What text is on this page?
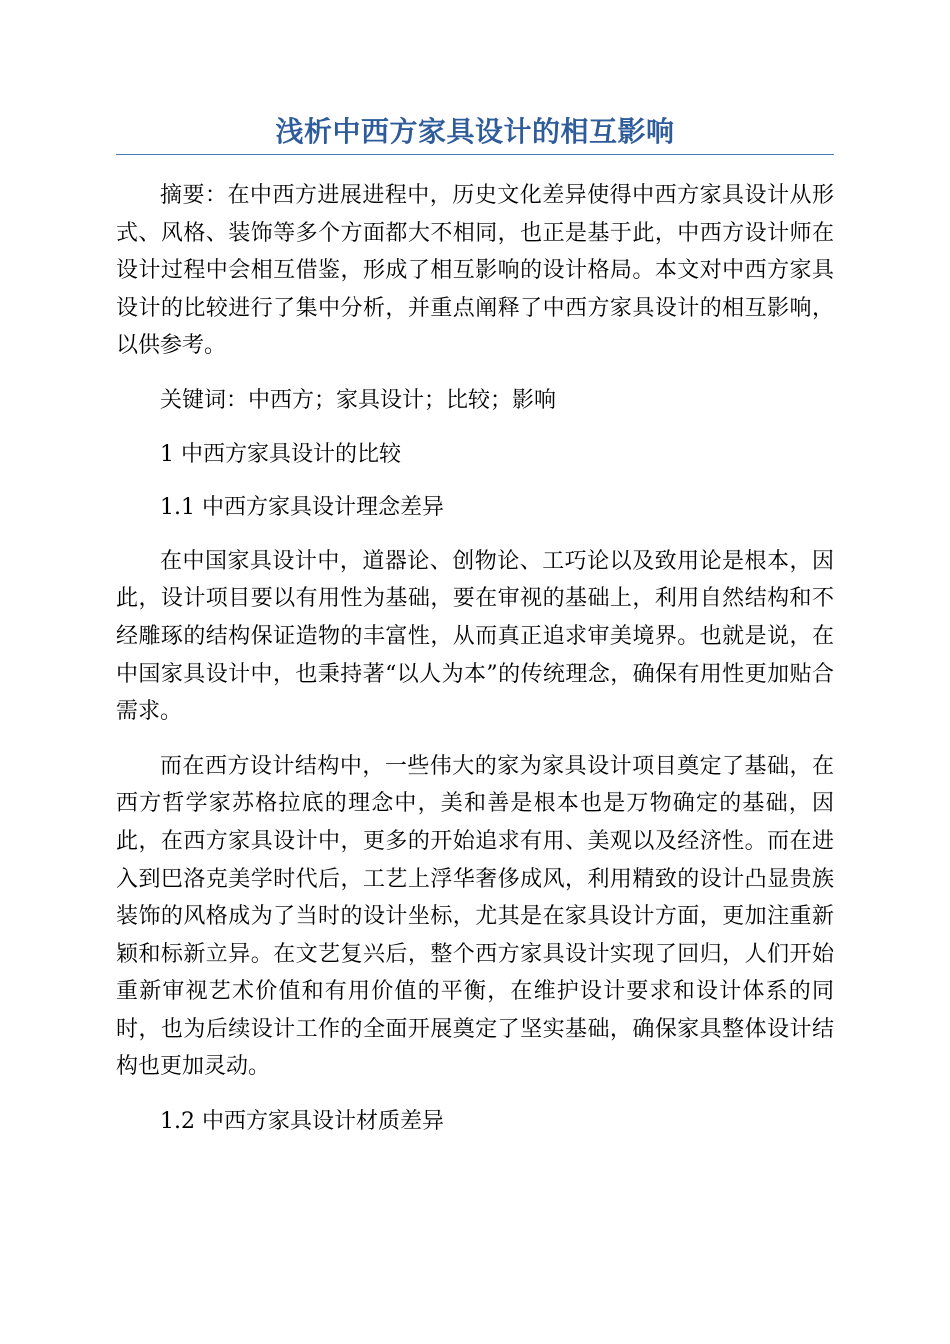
浅析中西方家具设计的相互影响

摘要：在中西方进展进程中，历史文化差异使得中西方家具设计从形式、风格、装饰等多个方面都大不相同，也正是基于此，中西方设计师在设计过程中会相互借鉴，形成了相互影响的设计格局。本文对中西方家具设计的比较进行了集中分析，并重点阐释了中西方家具设计的相互影响，以供参考。

关键词：中西方；家具设计；比较；影响

1 中西方家具设计的比较

1.1 中西方家具设计理念差异

在中国家具设计中，道器论、创物论、工巧论以及致用论是根本，因此，设计项目要以有用性为基础，要在审视的基础上，利用自然结构和不经雕琢的结构保证造物的丰富性，从而真正追求审美境界。也就是说，在中国家具设计中，也秉持著“以人为本”的传统理念，确保有用性更加贴合需求。

而在西方设计结构中，一些伟大的家为家具设计项目奠定了基础，在西方哲学家苏格拉底的理念中，美和善是根本也是万物确定的基础，因此，在西方家具设计中，更多的开始追求有用、美观以及经济性。而在进入到巴洛克美学时代后，工艺上浮华奢侈成风，利用精致的设计凸显贵族装饰的风格成为了当时的设计坐标，尤其是在家具设计方面，更加注重新颖和标新立异。在文艺复兴后，整个西方家具设计实现了回归，人们开始重新审视艺术价值和有用价值的平衡，在维护设计要求和设计体系的同时，也为后续设计工作的全面开展奠定了坚实基础，确保家具整体设计结构也更加灵动。

1.2 中西方家具设计材质差异
